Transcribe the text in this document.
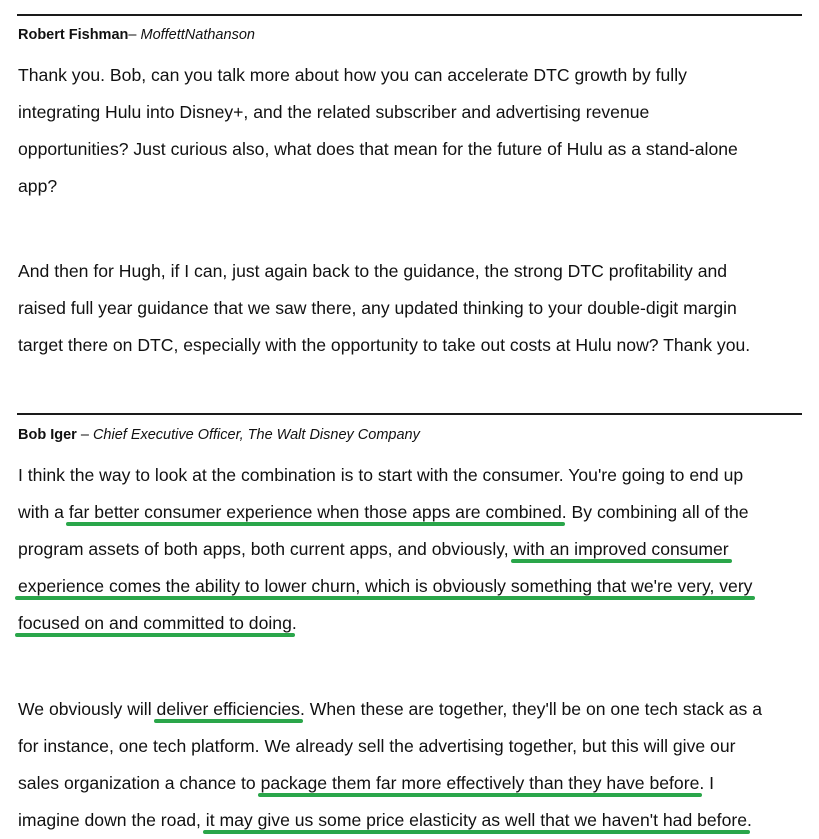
Robert Fishman– MoffettNathanson
Thank you. Bob, can you talk more about how you can accelerate DTC growth by fully
integrating Hulu into Disney+, and the related subscriber and advertising revenue
opportunities? Just curious also, what does that mean for the future of Hulu as a stand-alone
app?
And then for Hugh, if I can, just again back to the guidance, the strong DTC profitability and
raised full year guidance that we saw there, any updated thinking to your double-digit margin
target there on DTC, especially with the opportunity to take out costs at Hulu now? Thank you.
Bob Iger – Chief Executive Officer, The Walt Disney Company
I think the way to look at the combination is to start with the consumer. You're going to end up
with a far better consumer experience when those apps are combined. By combining all of the
program assets of both apps, both current apps, and obviously, with an improved consumer
experience comes the ability to lower churn, which is obviously something that we're very, very
focused on and committed to doing.
We obviously will deliver efficiencies. When these are together, they'll be on one tech stack as a
for instance, one tech platform. We already sell the advertising together, but this will give our
sales organization a chance to package them far more effectively than they have before. I
imagine down the road, it may give us some price elasticity as well that we haven't had before.
